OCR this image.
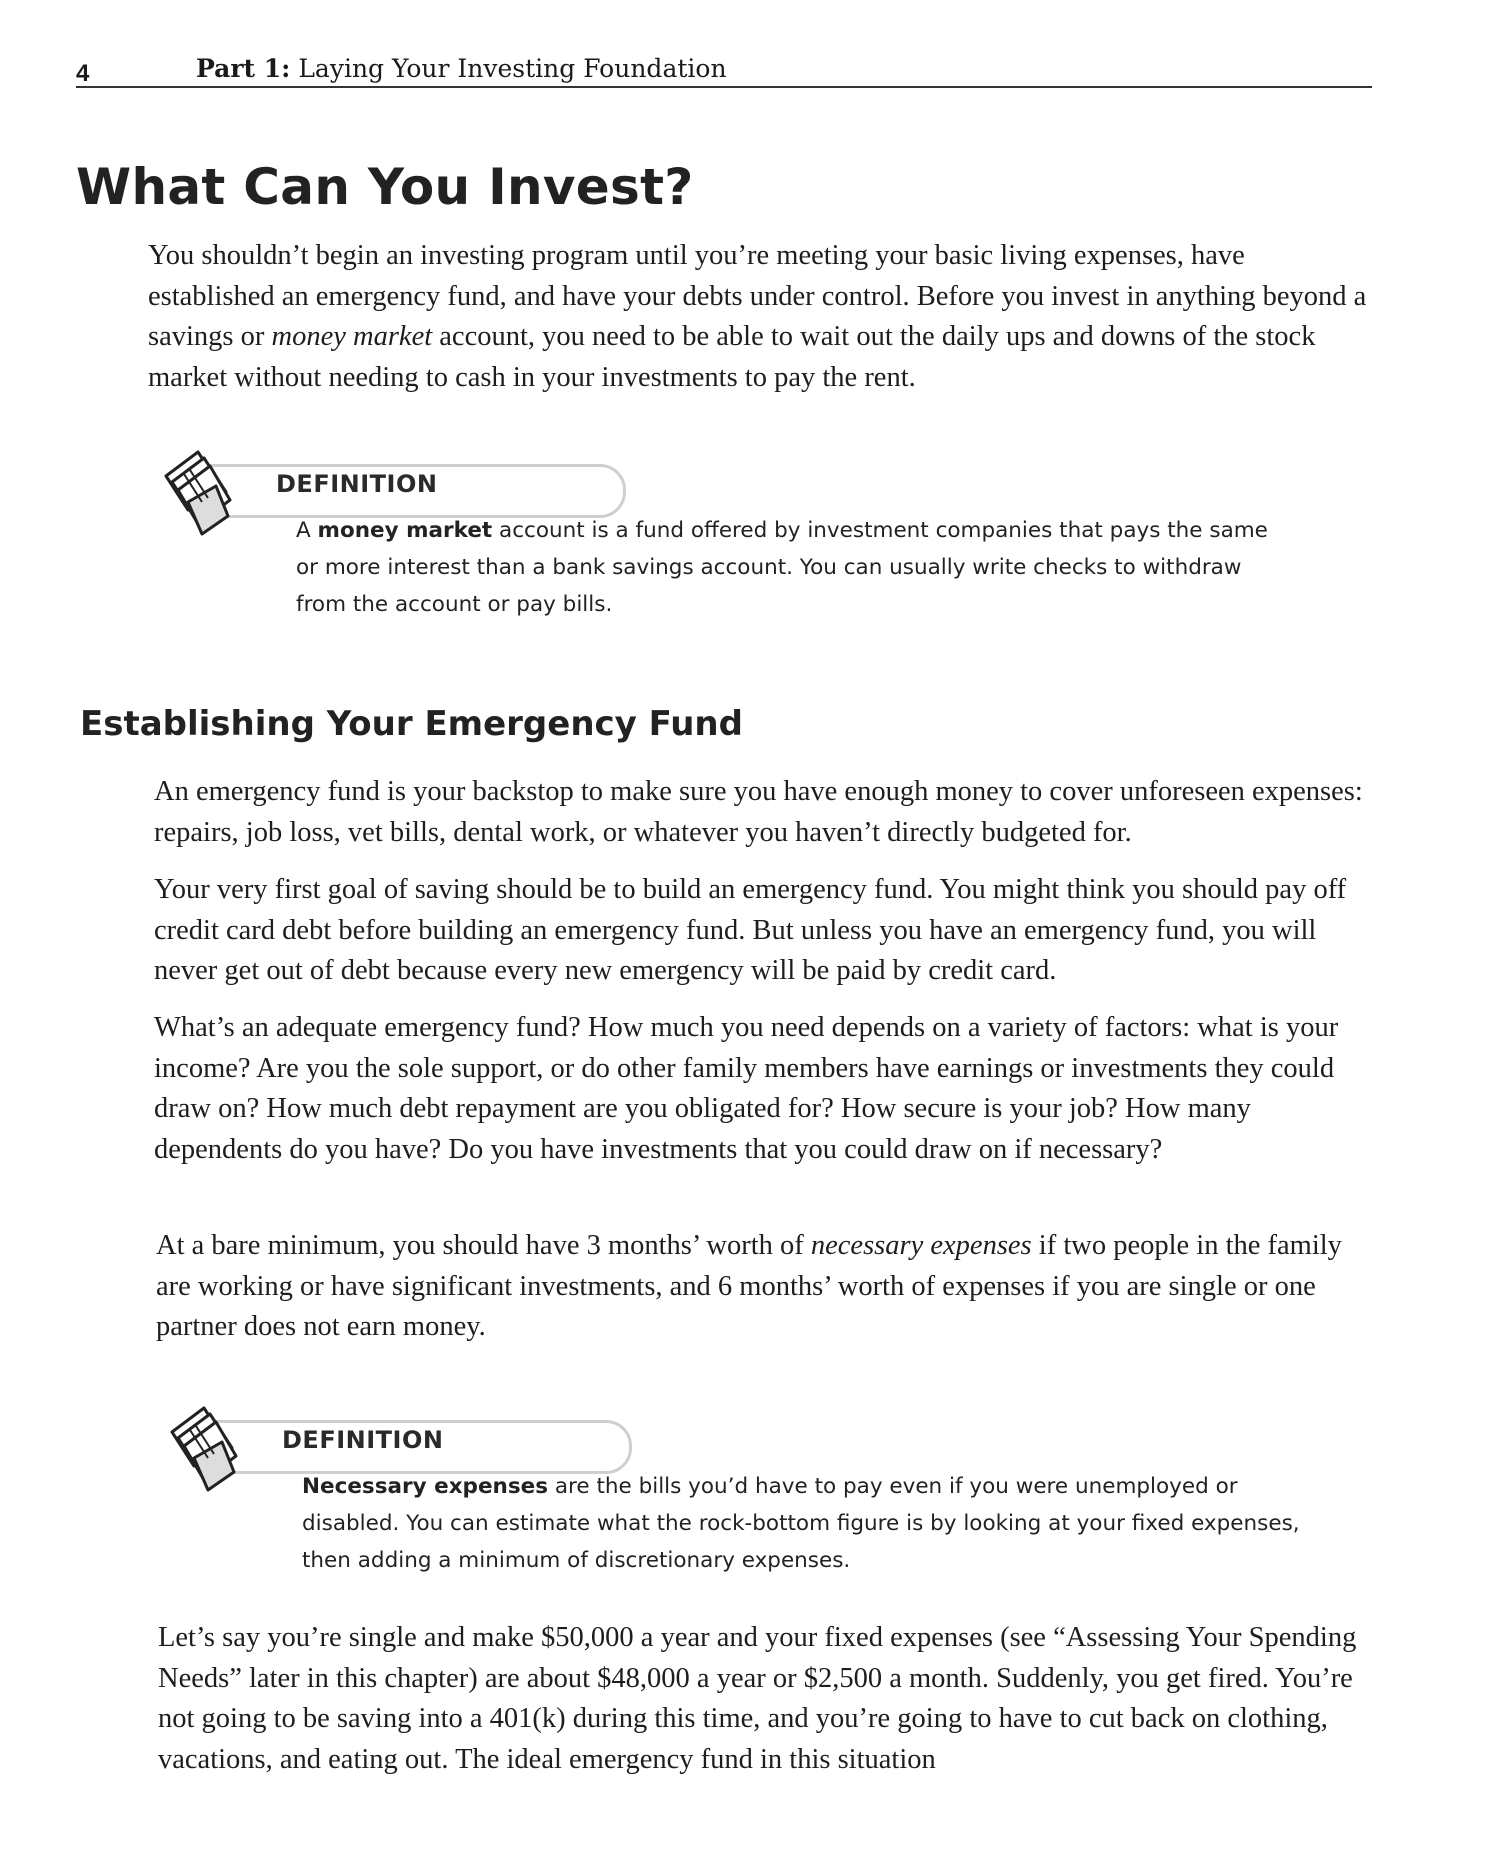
4	Part 1: Laying Your Investing Foundation
What Can You Invest?

You shouldn’t begin an investing program until you’re meeting your basic living expenses, have established an emergency fund, and have your debts under control. Before you invest in anything beyond a savings or money market account, you need to be able to wait out the daily ups and downs of the stock market without needing to cash in your investments to pay the rent.

DEFINITION

A money market account is a fund offered by investment companies that pays the same or more interest than a bank savings account. You can usually write checks to withdraw from the account or pay bills.

Establishing Your Emergency Fund

An emergency fund is your backstop to make sure you have enough money to cover unforeseen expenses: repairs, job loss, vet bills, dental work, or whatever you haven’t directly budgeted for.

Your very first goal of saving should be to build an emergency fund. You might think you should pay off credit card debt before building an emergency fund. But unless you have an emergency fund, you will never get out of debt because every new emergency will be paid by credit card.

What’s an adequate emergency fund? How much you need depends on a variety of factors: what is your income? Are you the sole support, or do other family members have earnings or investments they could draw on? How much debt repayment are you obligated for? How secure is your job? How many dependents do you have? Do you have investments that you could draw on if necessary?

At a bare minimum, you should have 3 months’ worth of necessary expenses if two people in the family are working or have significant investments, and 6 months’ worth of expenses if you are single or one partner does not earn money.

DEFINITION

Necessary expenses are the bills you’d have to pay even if you were unemployed or disabled. You can estimate what the rock-bottom figure is by looking at your fixed expenses, then adding a minimum of discretionary expenses.

Let’s say you’re single and make $50,000 a year and your fixed expenses (see “Assessing Your Spending Needs” later in this chapter) are about $48,000 a year or $2,500 a month. Suddenly, you get fired. You’re not going to be saving into a 401(k) during this time, and you’re going to have to cut back on clothing, vacations, and eating out. The ideal emergency fund in this situation
